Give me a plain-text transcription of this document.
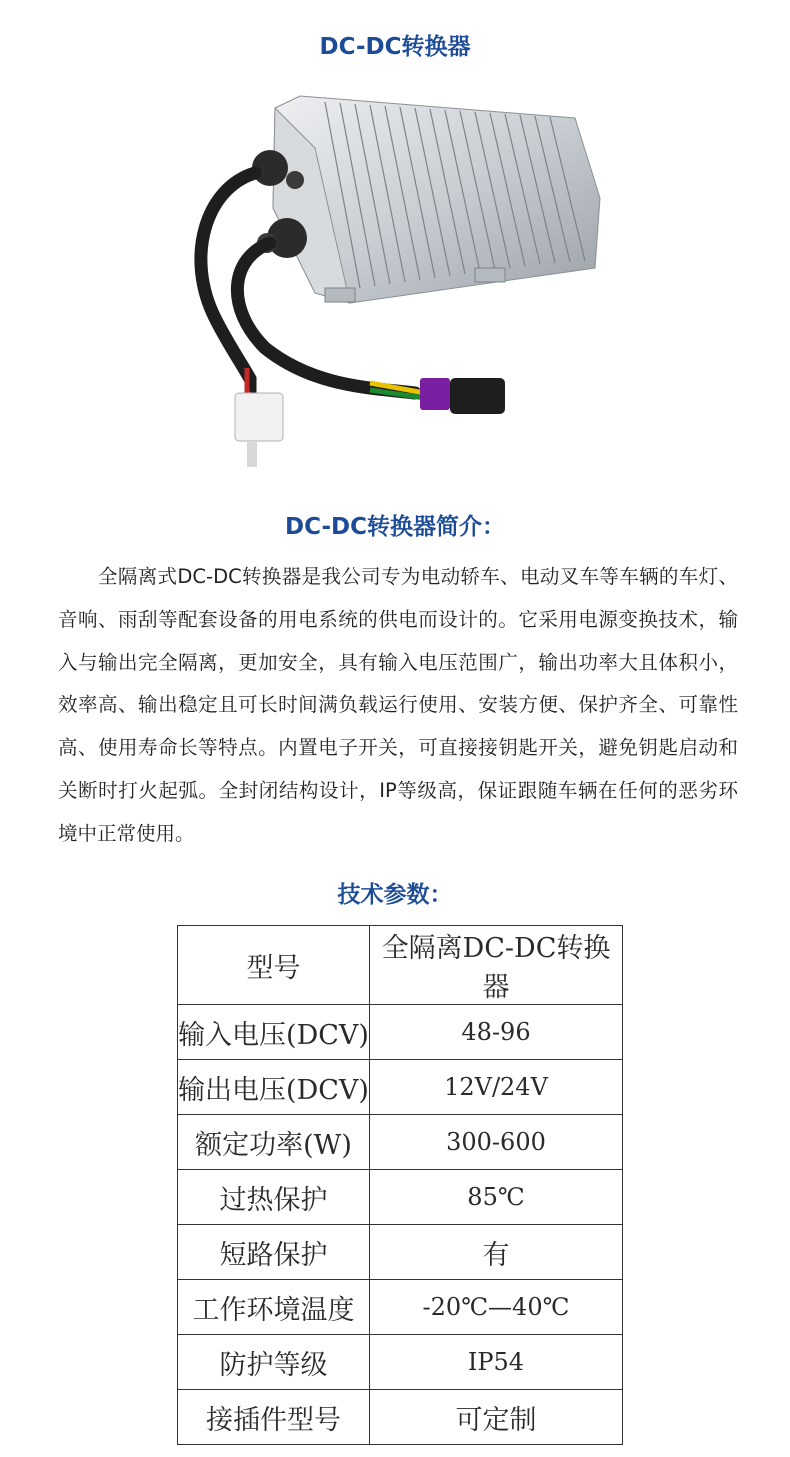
DC-DC转换器
DC-DC转换器简介：

全隔离式DC-DC转换器是我公司专为电动轿车、电动叉车等车辆的车灯、音响、雨刮等配套设备的用电系统的供电而设计的。它采用电源变换技术，输入与输出完全隔离，更加安全，具有输入电压范围广，输出功率大且体积小，效率高、输出稳定且可长时间满负载运行使用、安装方便、保护齐全、可靠性高、使用寿命长等特点。内置电子开关，可直接接钥匙开关，避免钥匙启动和关断时打火起弧。全封闭结构设计，IP等级高，保证跟随车辆在任何的恶劣环境中正常使用。

技术参数：
型号	全隔离DC-DC转换器
输入电压(DCV)	48-96
输出电压(DCV)	12V/24V
额定功率(W)	300-600
过热保护	85℃
短路保护	有
工作环境温度	-20℃—40℃
防护等级	IP54
接插件型号	可定制
